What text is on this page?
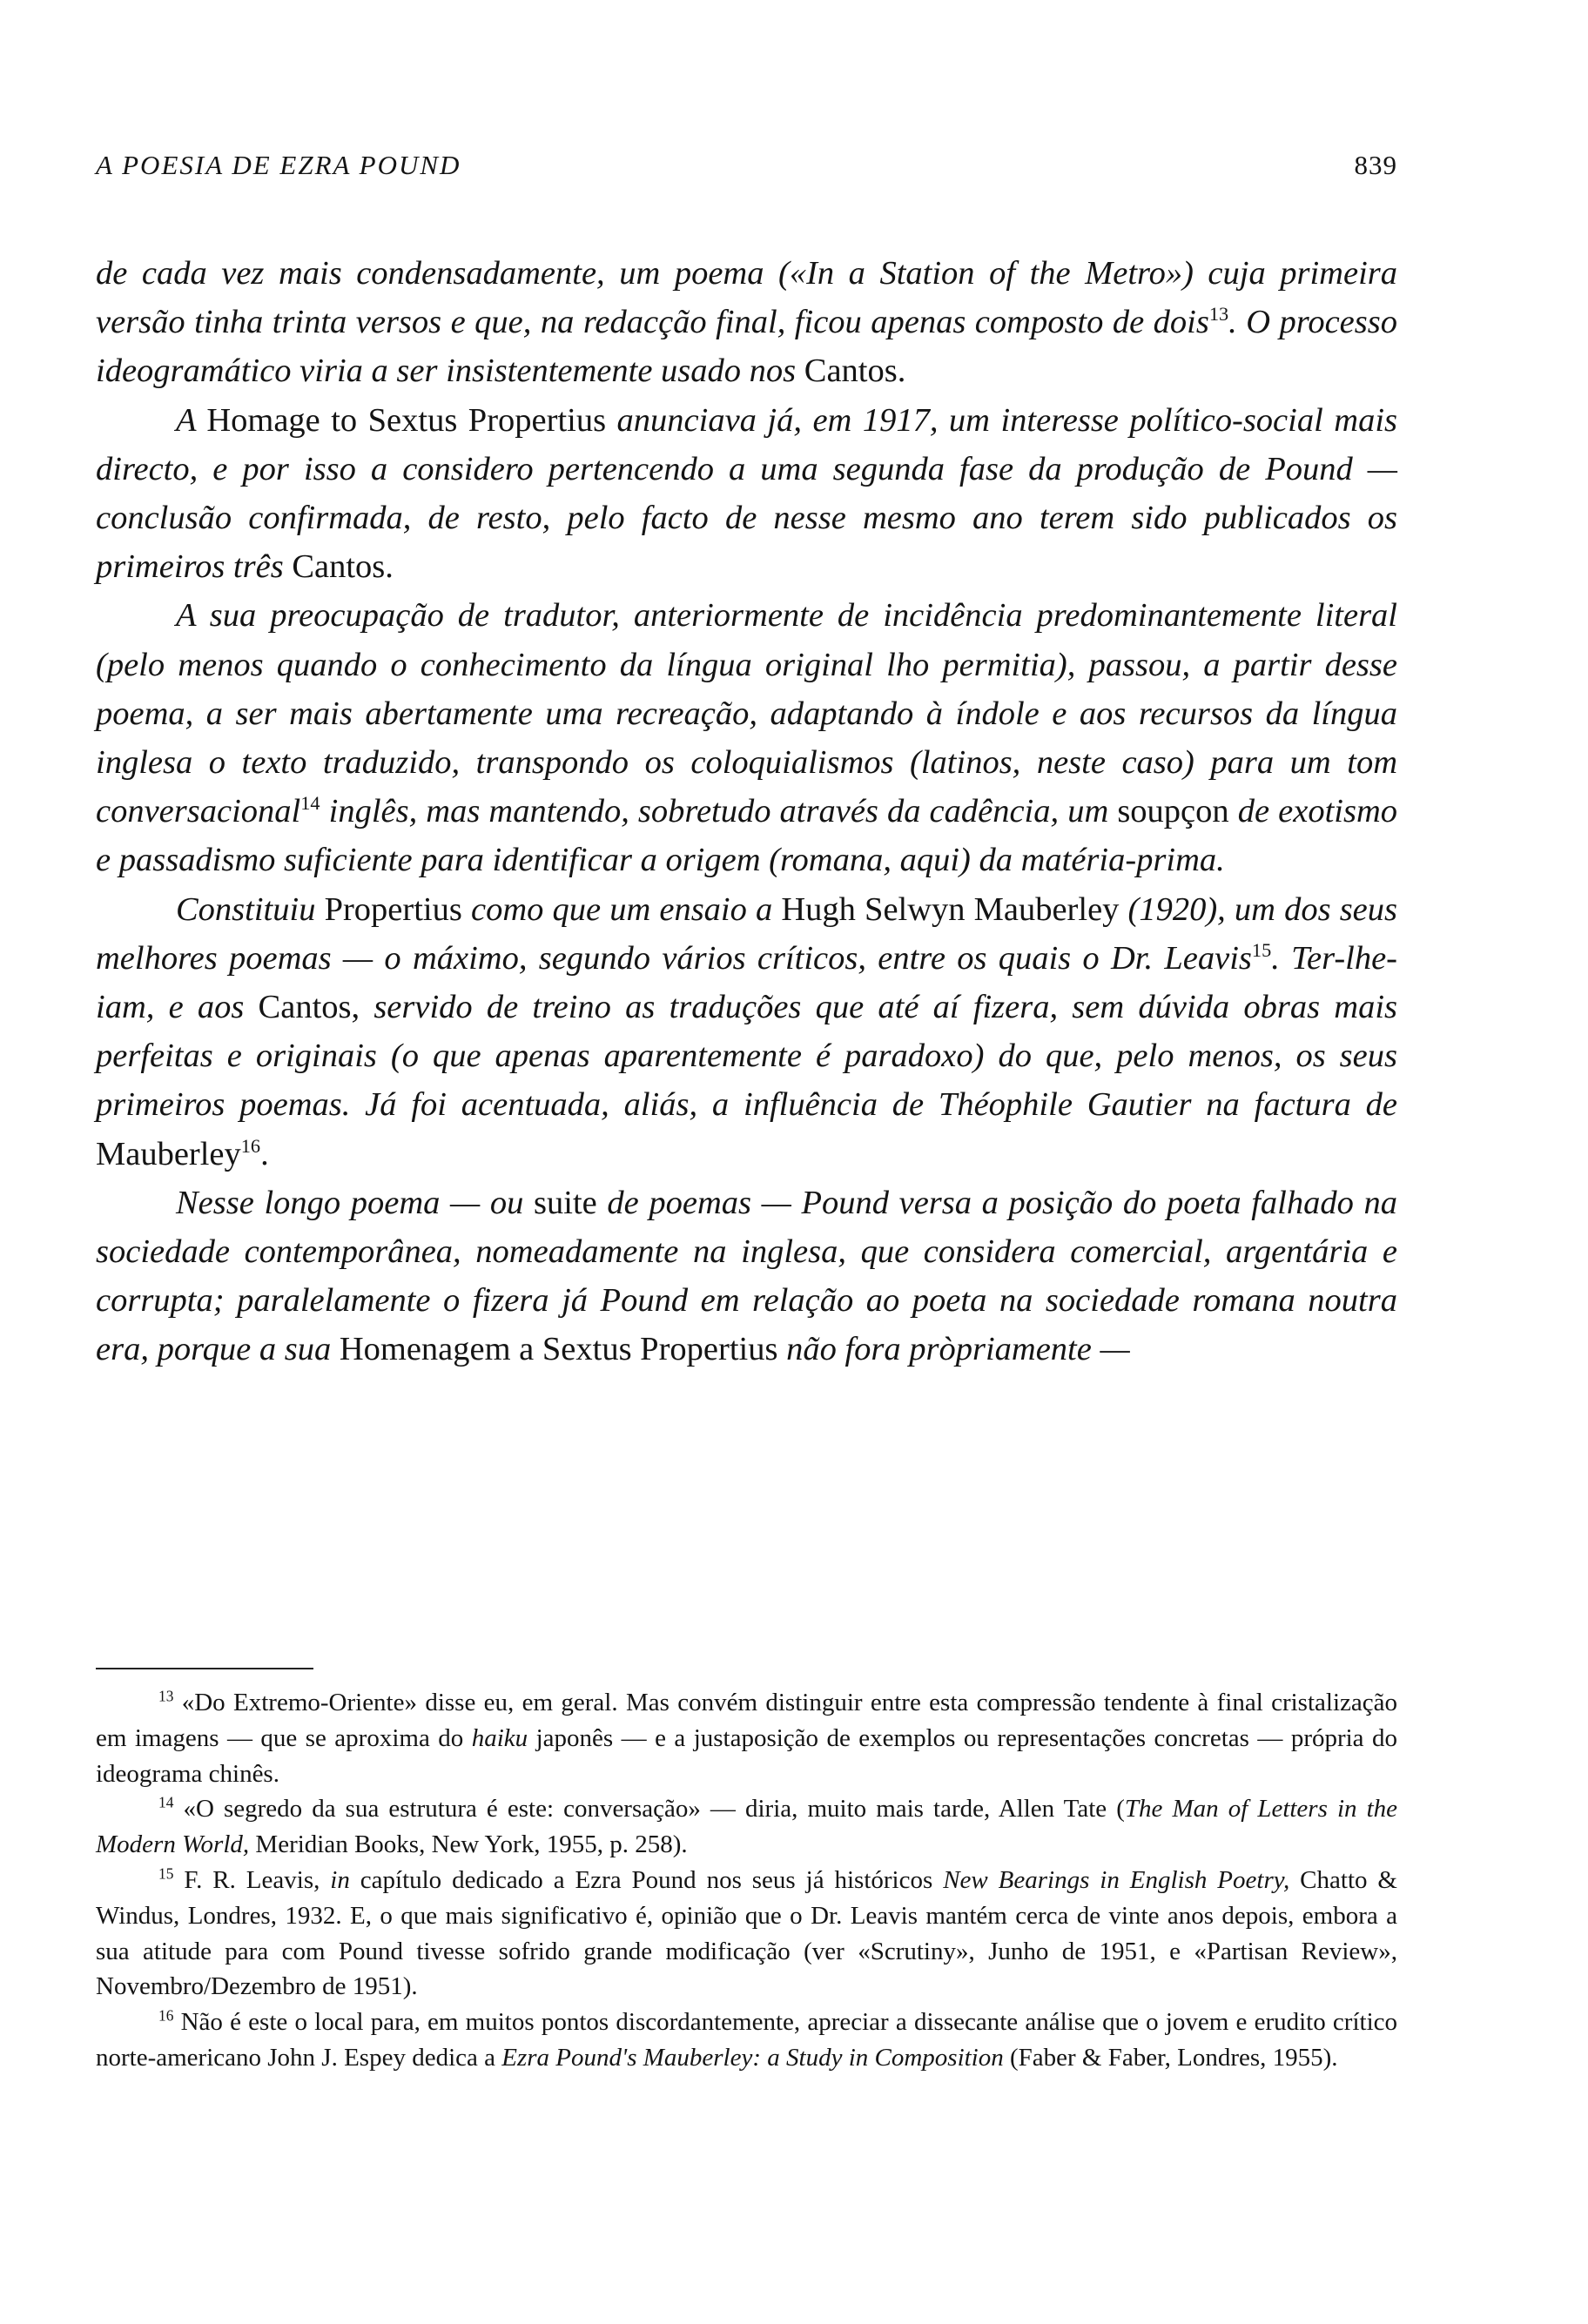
A POESIA DE EZRA POUND	839

de cada vez mais condensadamente, um poema («In a Station of the Metro») cuja primeira versão tinha trinta versos e que, na redacção final, ficou apenas composto de dois$^{13}$. O processo ideogramático viria a ser insistentemente usado nos Cantos.

A Homage to Sextus Propertius anunciava já, em 1917, um interesse político-social mais directo, e por isso a considero pertencendo a uma segunda fase da produção de Pound — conclusão confirmada, de resto, pelo facto de nesse mesmo ano terem sido publicados os primeiros três Cantos.

A sua preocupação de tradutor, anteriormente de incidência predominantemente literal (pelo menos quando o conhecimento da língua original lho permitia), passou, a partir desse poema, a ser mais abertamente uma recreação, adaptando à índole e aos recursos da língua inglesa o texto traduzido, transpondo os coloquialismos (latinos, neste caso) para um tom conversacional$^{14}$ inglês, mas mantendo, sobretudo através da cadência, um soupçon de exotismo e passadismo suficiente para identificar a origem (romana, aqui) da matéria-prima.

Constituiu Propertius como que um ensaio a Hugh Selwyn Mauberley (1920), um dos seus melhores poemas — o máximo, segundo vários críticos, entre os quais o Dr. Leavis$^{15}$. Ter-lhe-iam, e aos Cantos, servido de treino as traduções que até aí fizera, sem dúvida obras mais perfeitas e originais (o que apenas aparentemente é paradoxo) do que, pelo menos, os seus primeiros poemas. Já foi acentuada, aliás, a influência de Théophile Gautier na factura de Mauberley$^{16}$.

Nesse longo poema — ou suite de poemas — Pound versa a posição do poeta falhado na sociedade contemporânea, nomeadamente na inglesa, que considera comercial, argentária e corrupta; paralelamente o fizera já Pound em relação ao poeta na sociedade romana noutra era, porque a sua Homenagem a Sextus Propertius não fora pròpriamente —

$^{13}$ «Do Extremo-Oriente» disse eu, em geral. Mas convém distinguir entre esta compressão tendente à final cristalização em imagens — que se aproxima do haiku japonês — e a justaposição de exemplos ou representações concretas — própria do ideograma chinês.

$^{14}$ «O segredo da sua estrutura é este: conversação» — diria, muito mais tarde, Allen Tate (The Man of Letters in the Modern World, Meridian Books, New York, 1955, p. 258).

$^{15}$ F. R. Leavis, in capítulo dedicado a Ezra Pound nos seus já históricos New Bearings in English Poetry, Chatto & Windus, Londres, 1932. E, o que mais significativo é, opinião que o Dr. Leavis mantém cerca de vinte anos depois, embora a sua atitude para com Pound tivesse sofrido grande modificação (ver «Scrutiny», Junho de 1951, e «Partisan Review», Novembro/Dezembro de 1951).

$^{16}$ Não é este o local para, em muitos pontos discordantemente, apreciar a dissecante análise que o jovem e erudito crítico norte-americano John J. Espey dedica a Ezra Pound's Mauberley: a Study in Composition (Faber & Faber, Londres, 1955).
